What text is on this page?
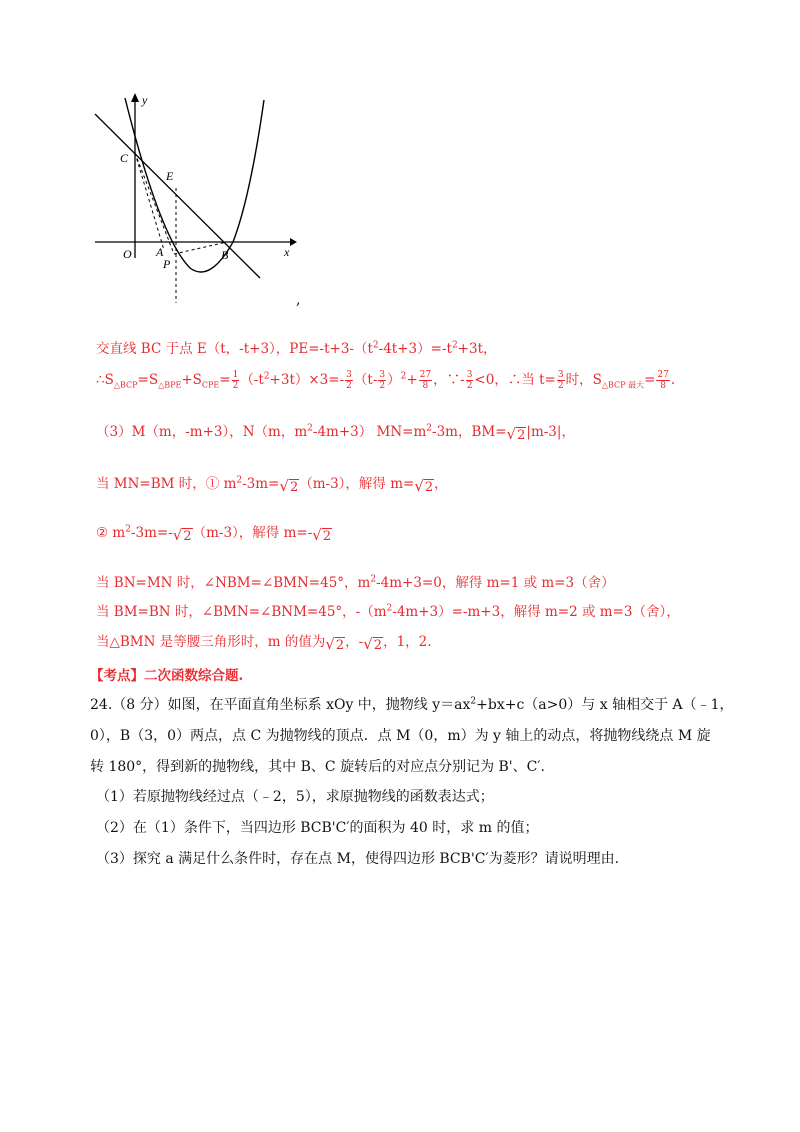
y
x
C
E
O A
P
B
,
交直线 BC 于点 E（t，-t+3），$PE=-t+3-(t^2-4t+3)=-t^2+3t$，
$\therefore S_{\triangle BCP}=S_{\triangle BPE}+S_{CPE}= \frac{1}{2} (-t^2+3t)\times 3=- \frac{3}{2} (t- \frac{3}{2} )^2+ \frac{27}{8}$ ，∵- $\frac{3}{2} <0$，∴当 $t= \frac{3}{2}$ 时，$S_{\triangle BCP 最大}= \frac{27}{8}$ .
（3）M（m，-m+3），N（m，$m^2-4m+3$） $MN=m^2-3m$，BM=√2|m-3|，
当 MN=BM 时，① $m^2-3m=√2(m-3)$，解得 m=√2，
② $m^2-3m=-√2(m-3)$，解得 m=-√2
当 BN=MN 时，∠NBM=∠BMN=45°，$m^2-4m+3=0$，解得 m=1 或 m=3（舍）
当 BM=BN 时，∠BMN=∠BNM=45°，$-(m^2-4m+3)=-m+3$，解得 m=2 或 m=3（舍），
当△BMN 是等腰三角形时，m 的值为√2，-√2，1，2.
【考点】二次函数综合题.
24.（8 分）如图，在平面直角坐标系 xOy 中，抛物线 $y=ax^2+bx+c(a>0)$与 x 轴相交于 A（﹣1，
0），B（3，0）两点，点 C 为抛物线的顶点．点 M（0，m）为 y 轴上的动点，将抛物线绕点 M 旋
转 180°，得到新的抛物线，其中 B、C 旋转后的对应点分别记为 B'、C′.
（1）若原抛物线经过点（﹣2，5），求原抛物线的函数表达式；
（2）在（1）条件下，当四边形 BCB'C′的面积为 40 时，求 m 的值；
（3）探究 a 满足什么条件时，存在点 M，使得四边形 BCB'C′为菱形？请说明理由.
